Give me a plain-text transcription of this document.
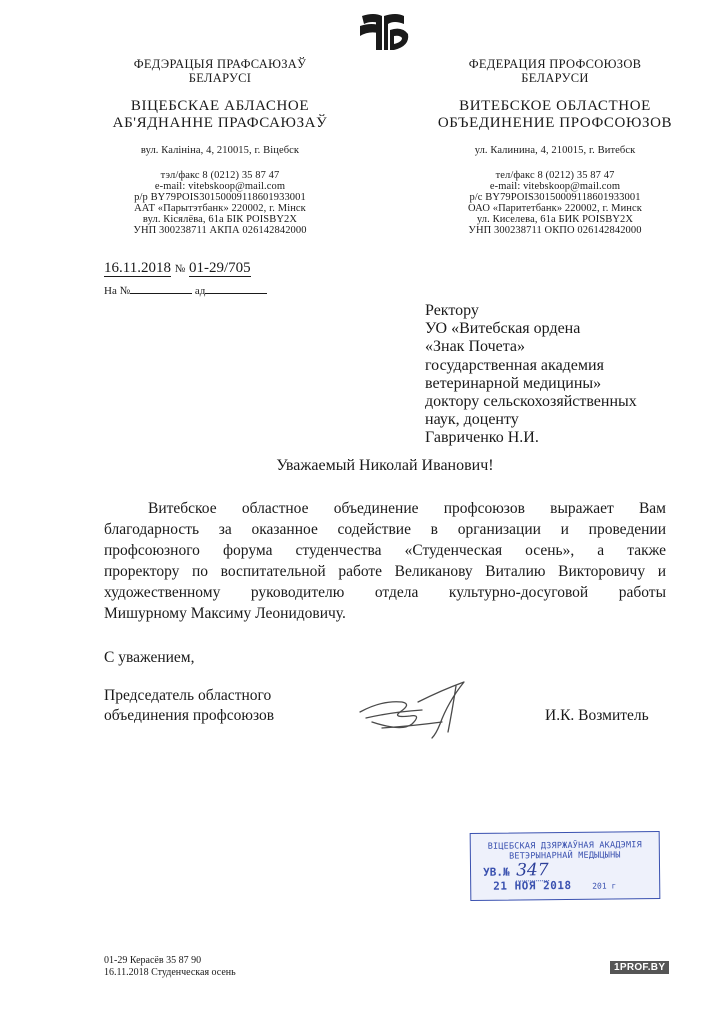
ФЕДЭРАЦЫЯ ПРАФСАЮЗАЎ
БЕЛАРУСІ
ВІЦЕБСКАЕ АБЛАСНОЕ
АБ'ЯДНАННЕ ПРАФСАЮЗАЎ
вул. Калініна, 4, 210015, г. Віцебск
тэл/факс 8 (0212) 35 87 47
e-mail: vitebskoop@mail.com
р/р BY79POIS30150009118601933001
ААТ «Парытэтбанк» 220002, г. Мінск
вул. Кісялёва, 61а БІК POISBY2X
УНП 300238711 АКПА 026142842000
ФЕДЕРАЦИЯ ПРОФСОЮЗОВ
БЕЛАРУСИ
ВИТЕБСКОЕ ОБЛАСТНОЕ
ОБЪЕДИНЕНИЕ ПРОФСОЮЗОВ
ул. Калинина, 4, 210015, г. Витебск
тел/факс 8 (0212) 35 87 47
e-mail: vitebskoop@mail.com
р/с BY79POIS30150009118601933001
ОАО «Паритетбанк» 220002, г. Минск
ул. Киселева, 61а БИК POISBY2X
УНП 300238711 ОКПО 026142842000
16.11.2018 № 01-29/705
На №	ад
Ректору
УО «Витебская ордена
«Знак Почета»
государственная академия
ветеринарной медицины»
доктору сельскохозяйственных
наук, доценту
Гавриченко Н.И.
Уважаемый Николай Иванович!
Витебское областное объединение профсоюзов выражает Вам
благодарность за оказанное содействие в организации и проведении
профсоюзного форума студенчества «Студенческая осень», а также
проректору по воспитательной работе Великанову Виталию Викторовичу и
художественному руководителю отдела культурно-досуговой работы
Мишурному Максиму Леонидовичу.
С уважением,
Председатель областного
объединения профсоюзов	И.К. Возмитель
ВІЦЕБСКАЯ ДЗЯРЖАЎНАЯ АКАДЭМІЯ
ВЕТЭРЫНАРНАЙ МЕДЫЦЫНЫ
УВ.№ 347
21 НОЯ 2018	201 г
01-29 Керасёв 35 87 90
16.11.2018 Студенческая осень	1PROF.BY
